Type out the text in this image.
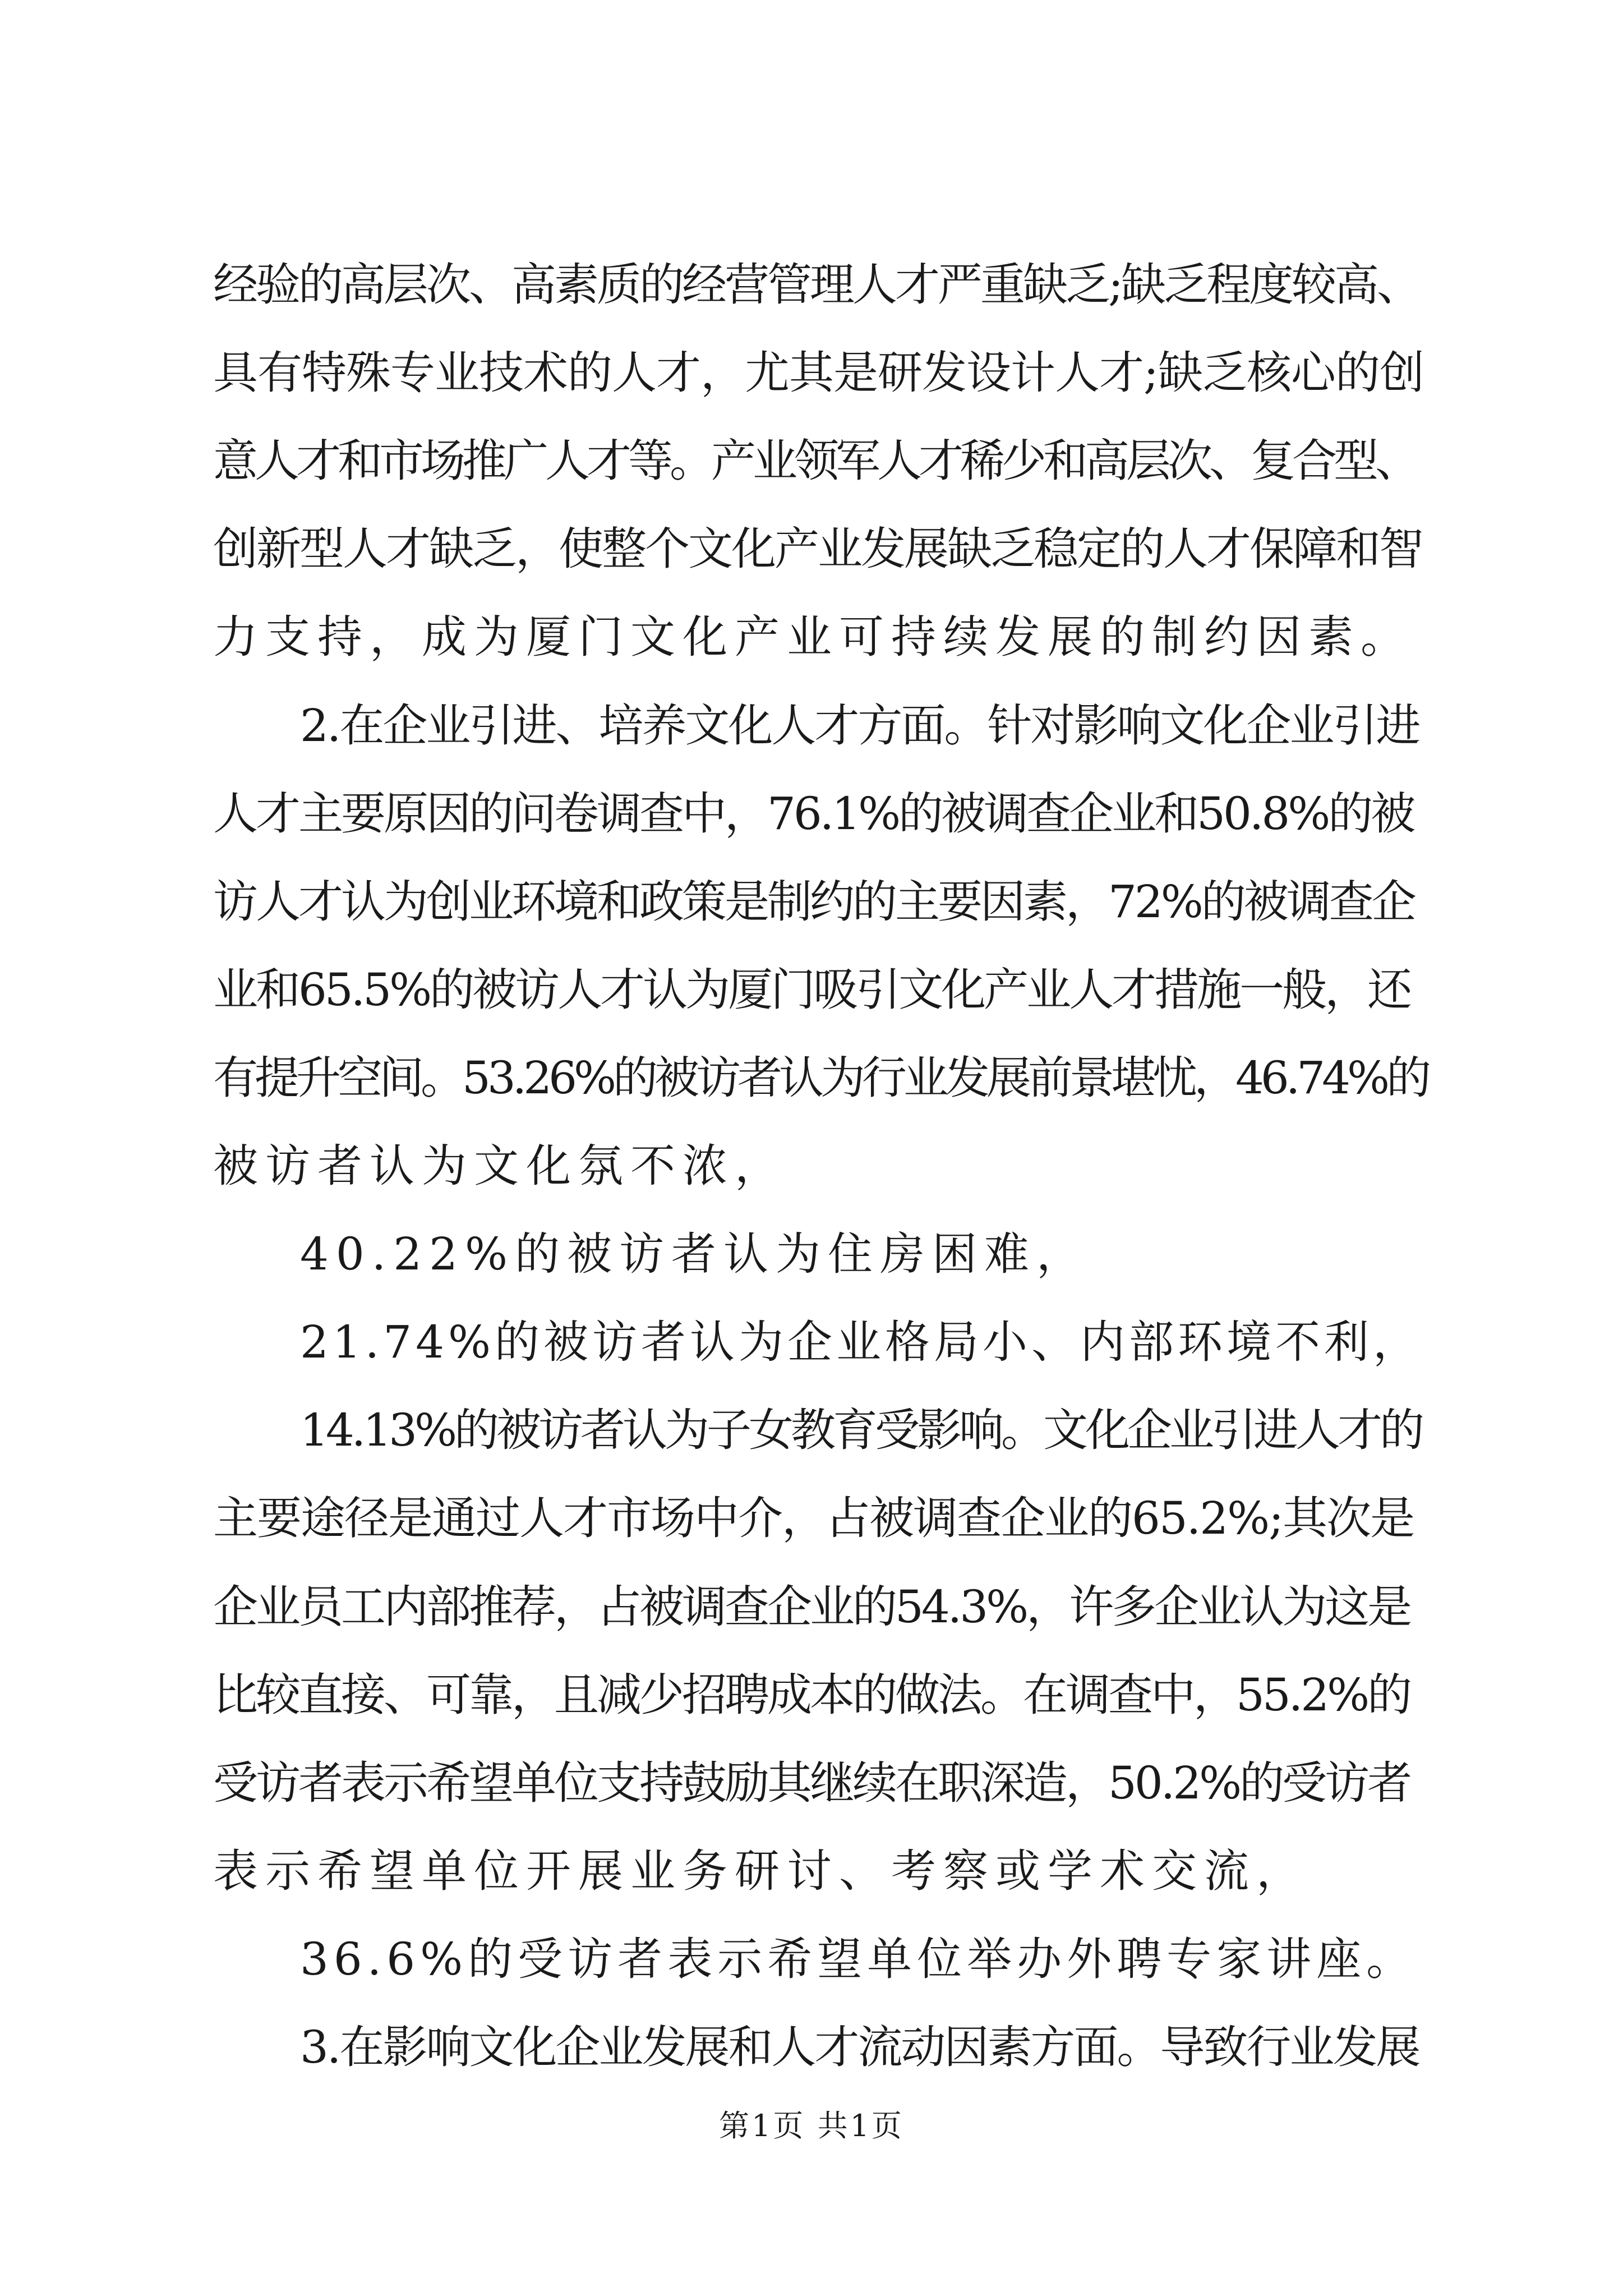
经验的高层次、高素质的经营管理人才严重缺乏;缺乏程度较高、
具有特殊专业技术的人才，尤其是研发设计人才;缺乏核心的创
意人才和市场推广人才等。产业领军人才稀少和高层次、复合型、
创新型人才缺乏，使整个文化产业发展缺乏稳定的人才保障和智
力支持，成为厦门文化产业可持续发展的制约因素。
2.在企业引进、培养文化人才方面。针对影响文化企业引进
人才主要原因的问卷调查中，76.1%的被调查企业和50.8%的被
访人才认为创业环境和政策是制约的主要因素，72%的被调查企
业和65.5%的被访人才认为厦门吸引文化产业人才措施一般，还
有提升空间。53.26%的被访者认为行业发展前景堪忧，46.74%的
被访者认为文化氛不浓，
40.22%的被访者认为住房困难，
21.74%的被访者认为企业格局小、内部环境不利，
14.13%的被访者认为子女教育受影响。文化企业引进人才的
主要途径是通过人才市场中介，占被调查企业的65.2%;其次是
企业员工内部推荐，占被调查企业的54.3%，许多企业认为这是
比较直接、可靠，且减少招聘成本的做法。在调查中，55.2%的
受访者表示希望单位支持鼓励其继续在职深造，50.2%的受访者
表示希望单位开展业务研讨、考察或学术交流，
36.6%的受访者表示希望单位举办外聘专家讲座。
3.在影响文化企业发展和人才流动因素方面。导致行业发展
第1页 共1页
